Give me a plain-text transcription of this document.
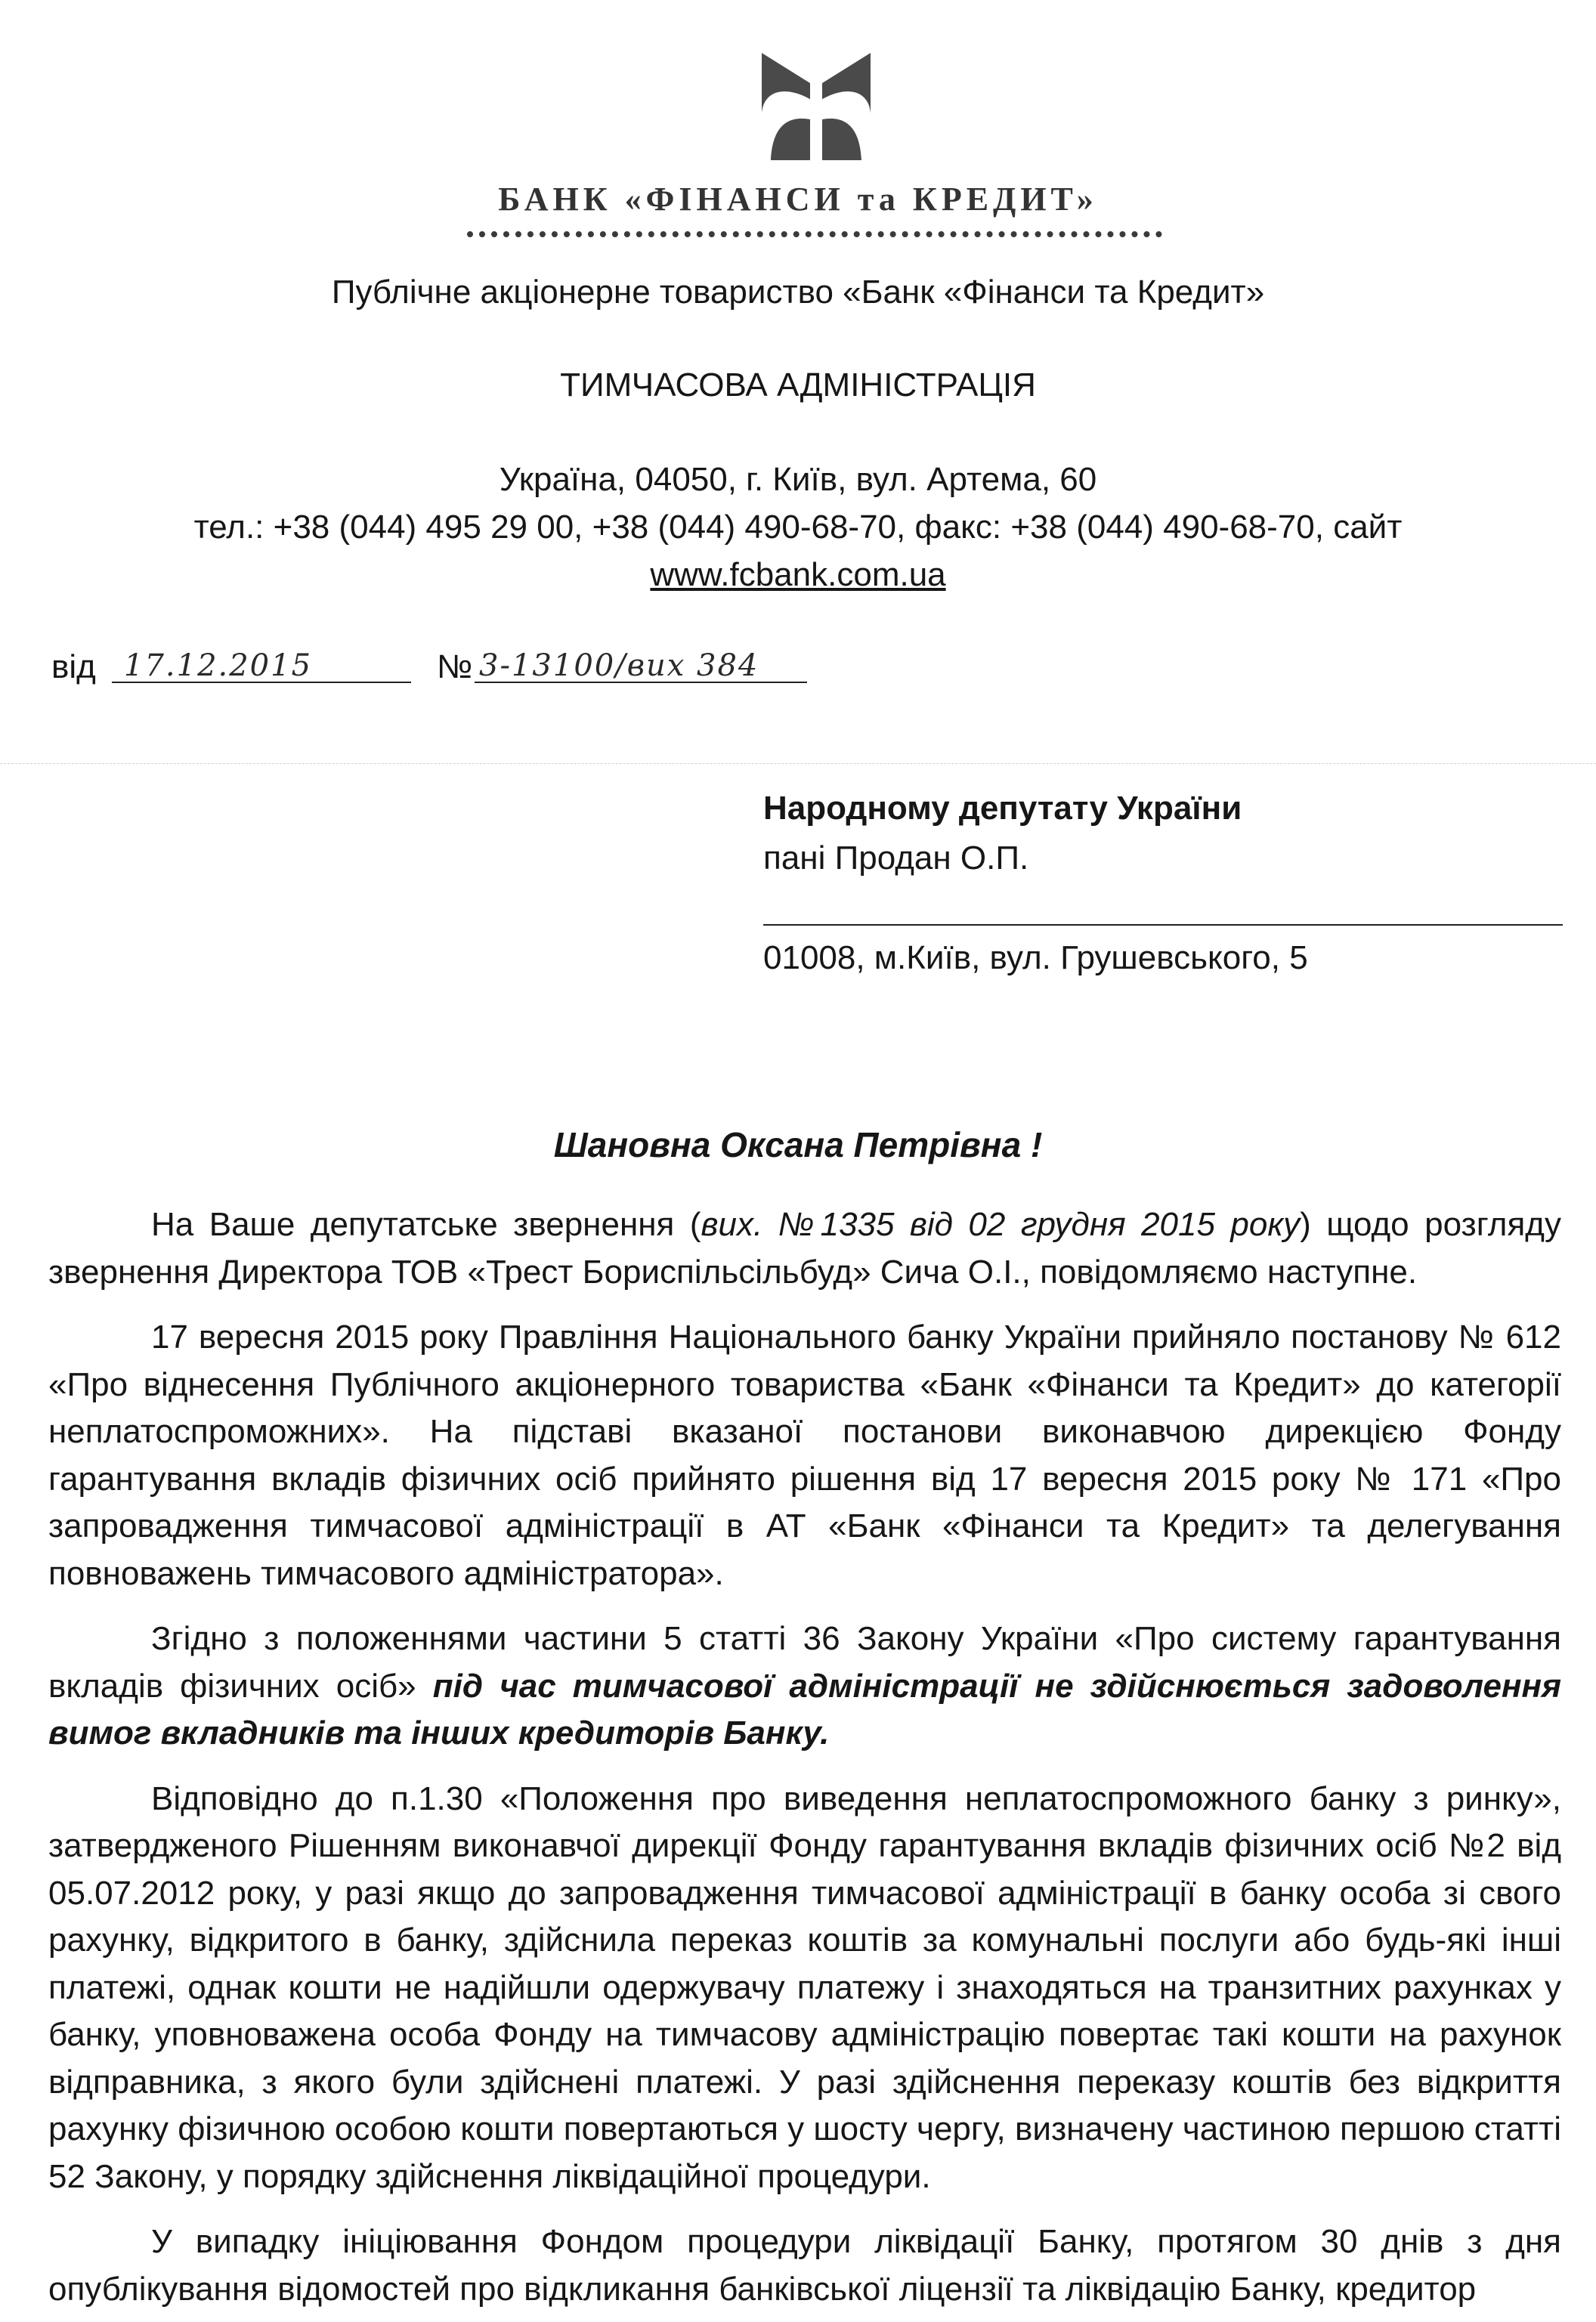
БАНК «ФІНАНСИ та КРЕДИТ»
Публічне акціонерне товариство «Банк «Фінанси та Кредит»
ТИМЧАСОВА АДМІНІСТРАЦІЯ
Україна, 04050, г. Київ, вул. Артема, 60
тел.: +38 (044) 495 29 00, +38 (044) 490-68-70, факс: +38 (044) 490-68-70, сайт
www.fcbank.com.ua
від 17.12.2015	№ 3-13100/вих 384
Народному депутату України
пані Продан О.П.
01008, м.Київ, вул. Грушевського, 5
Шановна Оксана Петрівна !

На Ваше депутатське звернення (вих. №1335 від 02 грудня 2015 року) щодо розгляду звернення Директора ТОВ «Трест Бориспільсільбуд» Сича О.І., повідомляємо наступне.

17 вересня 2015 року Правління Національного банку України прийняло постанову № 612 «Про віднесення Публічного акціонерного товариства «Банк «Фінанси та Кредит» до категорії неплатоспроможних». На підставі вказаної постанови виконавчою дирекцією Фонду гарантування вкладів фізичних осіб прийнято рішення від 17 вересня 2015 року № 171 «Про запровадження тимчасової адміністрації в АТ «Банк «Фінанси та Кредит» та делегування повноважень тимчасового адміністратора».

Згідно з положеннями частини 5 статті 36 Закону України «Про систему гарантування вкладів фізичних осіб» під час тимчасової адміністрації не здійснюється задоволення вимог вкладників та інших кредиторів Банку.

Відповідно до п.1.30 «Положення про виведення неплатоспроможного банку з ринку», затвердженого Рішенням виконавчої дирекції Фонду гарантування вкладів фізичних осіб №2 від 05.07.2012 року, у разі якщо до запровадження тимчасової адміністрації в банку особа зі свого рахунку, відкритого в банку, здійснила переказ коштів за комунальні послуги або будь-які інші платежі, однак кошти не надійшли одержувачу платежу і знаходяться на транзитних рахунках у банку, уповноважена особа Фонду на тимчасову адміністрацію повертає такі кошти на рахунок відправника, з якого були здійснені платежі. У разі здійснення переказу коштів без відкриття рахунку фізичною особою кошти повертаються у шосту чергу, визначену частиною першою статті 52 Закону, у порядку здійснення ліквідаційної процедури.

У випадку ініціювання Фондом процедури ліквідації Банку, протягом 30 днів з дня опублікування відомостей про відкликання банківської ліцензії та ліквідацію Банку, кредитор
